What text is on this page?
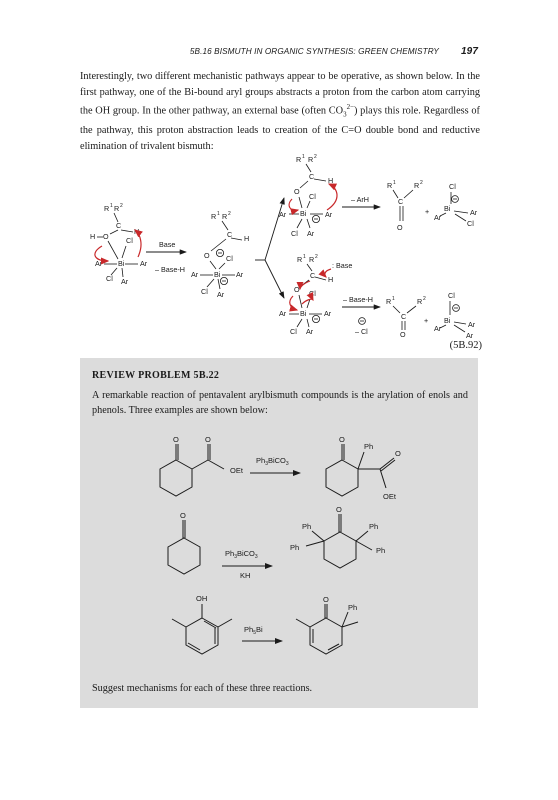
5B.16 BISMUTH IN ORGANIC SYNTHESIS: GREEN CHEMISTRY 197

Interestingly, two different mechanistic pathways appear to be operative, as shown below. In the first pathway, one of the Bi-bound aryl groups abstracts a proton from the carbon atom carrying the OH group. In the other pathway, an external base (often $CO_3^{2-}$) plays this role. Regardless of the pathway, this proton abstraction leads to creation of the C=O double bond and reductive elimination of trivalent bismuth:

R 1 R 2
H O
C
H
Cl
Ar Bi Ar
Cl Ar
Base
– Base-H
R 1 R 2
C H
O Cl
Ar Bi Ar
Cl Ar
R 1 R 2
C H
O
Cl
Ar Bi	Ar
Cl Ar
– ArH
R 1	R 2
C
O
+
Cl
Bi	Ar
Ar
Cl
R 1 R 2
: Base
C H
O Cl
Ar Bi Ar
Cl Ar
– Base-H
– Cl
R 1	R 2
C
O
+
Cl
Bi Ar
Ar
Ar
(5B.92)
REVIEW PROBLEM 5B.22
A remarkable reaction of pentavalent arylbismuth compounds is the arylation of enols and phenols. Three examples are shown below:
O	O
OEt
$Ph_3BiCO_3$
O
Ph
O
OEt
O
$Ph_3BiCO_3$
KH
O
Ph
Ph
Ph
Ph
OH
$Ph_5Bi$
O
Ph
Suggest mechanisms for each of these three reactions.
